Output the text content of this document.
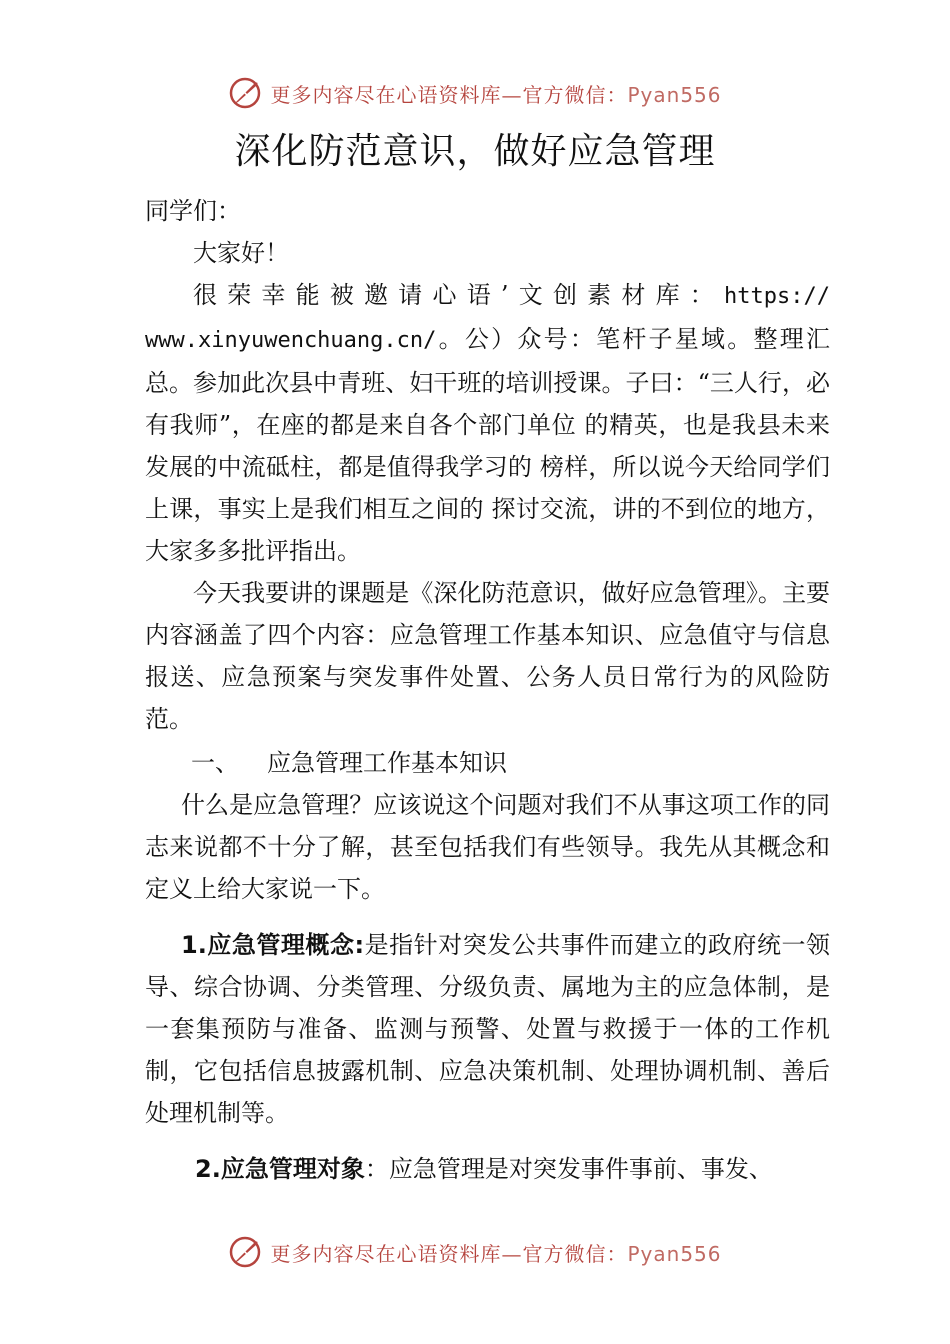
更多内容尽在心语资料库—官方微信：Pyan556
深化防范意识，做好应急管理

同学们：

大家好！

很荣幸能被邀请心语’文创素材库：https:// www.xinyuwenchuang.cn/。公）众号：笔杆子星域。整理汇总。参加此次县中青班、妇干班的培训授课。子曰：“三人行，必有我师”，在座的都是来自各个部门单位 的精英，也是我县未来发展的中流砥柱，都是值得我学习的 榜样，所以说今天给同学们上课，事实上是我们相互之间的 探讨交流，讲的不到位的地方，大家多多批评指出。

今天我要讲的课题是《深化防范意识，做好应急管理》。主要内容涵盖了四个内容：应急管理工作基本知识、应急值守与信息报送、应急预案与突发事件处置、公务人员日常行为的风险防范。

一、 应急管理工作基本知识

什么是应急管理？应该说这个问题对我们不从事这项工作的同志来说都不十分了解，甚至包括我们有些领导。我先从其概念和定义上给大家说一下。

1.应急管理概念:是指针对突发公共事件而建立的政府统一领导、综合协调、分类管理、分级负责、属地为主的应急体制，是一套集预防与准备、监测与预警、处置与救援于一体的工作机制，它包括信息披露机制、应急决策机制、处理协调机制、善后处理机制等。

2.应急管理对象：应急管理是对突发事件事前、事发、

更多内容尽在心语资料库—官方微信：Pyan556
